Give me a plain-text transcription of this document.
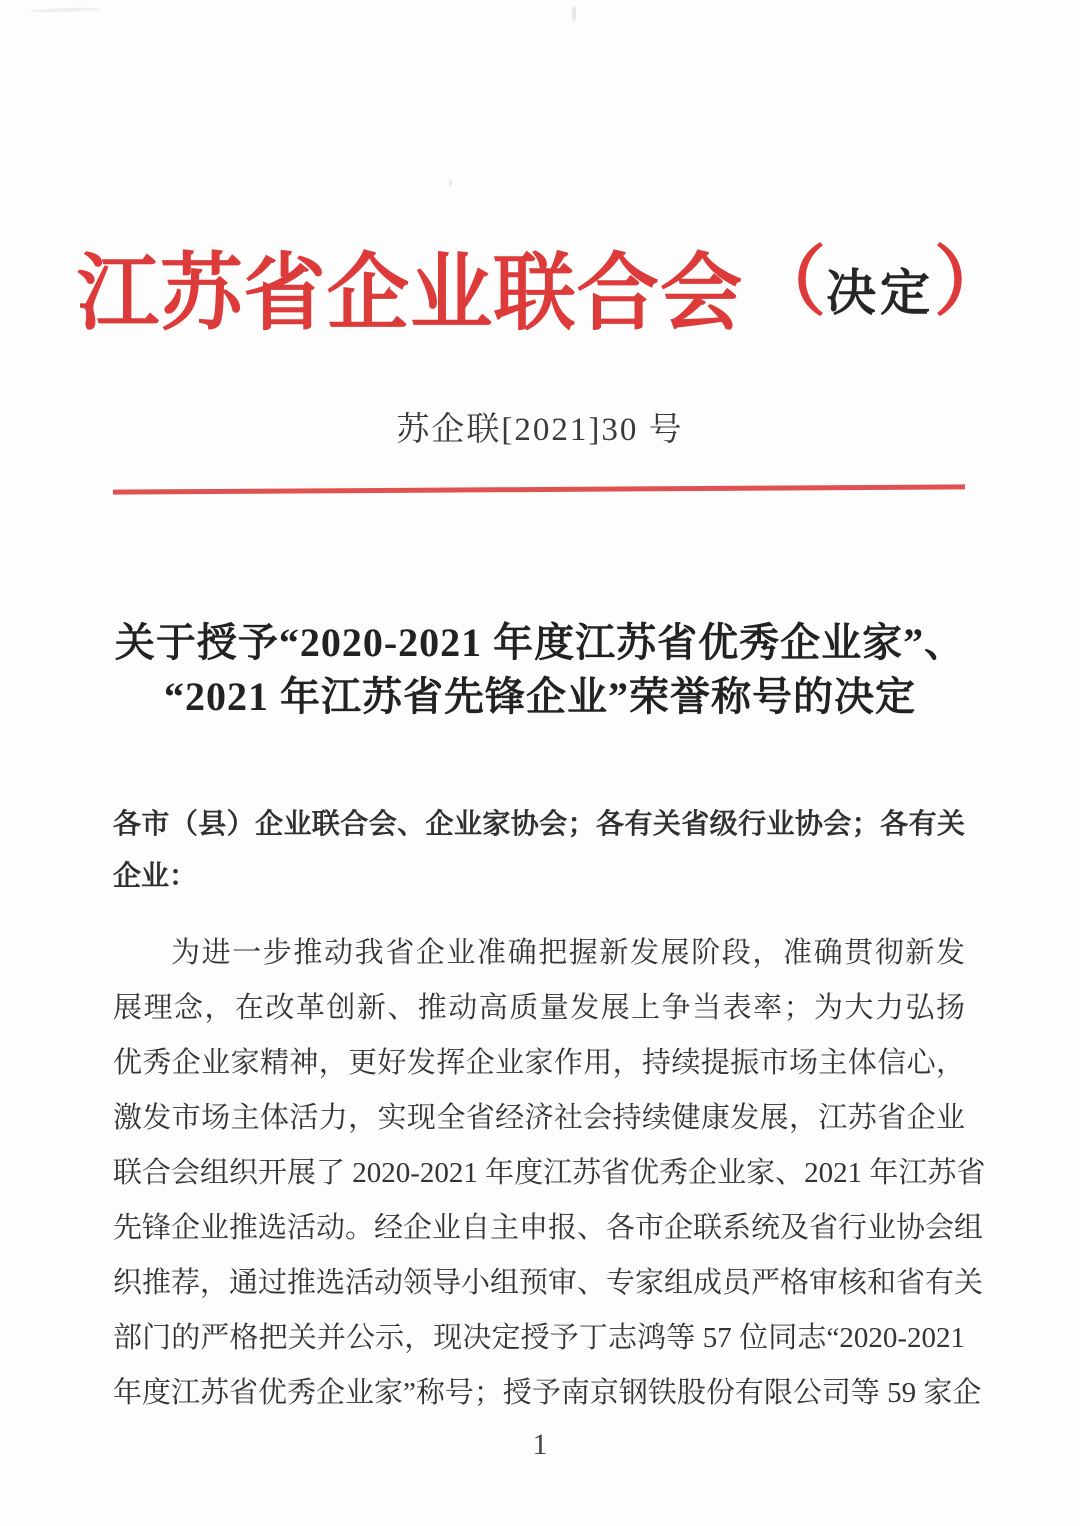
江苏省企业联合会 （ 决定 ）
苏企联[2021]30 号
关于授予“2020-2021 年度江苏省优秀企业家”、
“2021 年江苏省先锋企业”荣誉称号的决定
各市（县）企业联合会、企业家协会；各有关省级行业协会；各有关
企业：
为进一步推动我省企业准确把握新发展阶段，准确贯彻新发
展理念，在改革创新、推动高质量发展上争当表率；为大力弘扬
优秀企业家精神，更好发挥企业家作用，持续提振市场主体信心，
激发市场主体活力，实现全省经济社会持续健康发展，江苏省企业
联合会组织开展了 2020-2021 年度江苏省优秀企业家、2021 年江苏省
先锋企业推选活动。经企业自主申报、各市企联系统及省行业协会组
织推荐，通过推选活动领导小组预审、专家组成员严格审核和省有关
部门的严格把关并公示，现决定授予丁志鸿等 57 位同志“2020-2021
年度江苏省优秀企业家”称号；授予南京钢铁股份有限公司等 59 家企
1
